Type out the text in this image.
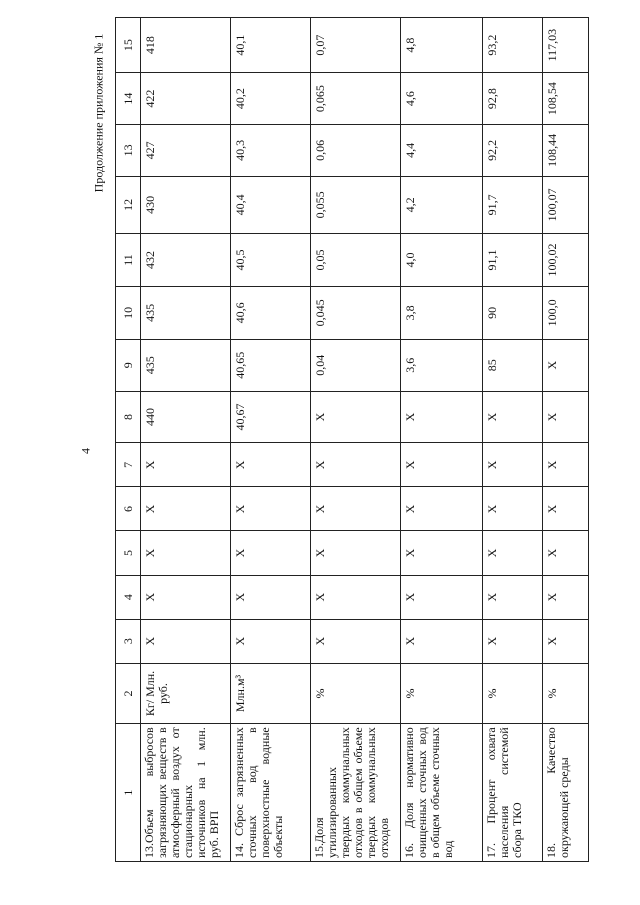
4
Продолжение приложения № 1
1	2	3	4	5	6	7	8	9	10	11	12	13	14	15
13.Объем выбросов загрязняющих веществ в атмосферный воздух от стационарных источников на 1 млн. руб. ВРП	Кг/ Млн. руб.	X	X	X	X	X	440	435	435	432	430	427	422	418
14. Сброс загрязненных сточных вод в поверхностные водные объекты	Млн.м³	X	X	X	X	X	40,67	40,65	40,6	40,5	40,4	40,3	40,2	40,1
15.Доля утилизированных твердых коммунальных отходов в общем объеме твердых коммунальных отходов	%	X	X	X	X	X	X	0,04	0,045	0,05	0,055	0,06	0,065	0,07
16. Доля нормативно очищенных сточных вод в общем объеме сточных вод	%	X	X	X	X	X	X	3,6	3,8	4,0	4,2	4,4	4,6	4,8
17. Процент охвата населения системой сбора ТКО	%	X	X	X	X	X	X	85	90	91,1	91,7	92,2	92,8	93,2
18. Качество окружающей среды	%	X	X	X	X	X	X	X	100,0	100,02	100,07	108,44	108,54	117,03
